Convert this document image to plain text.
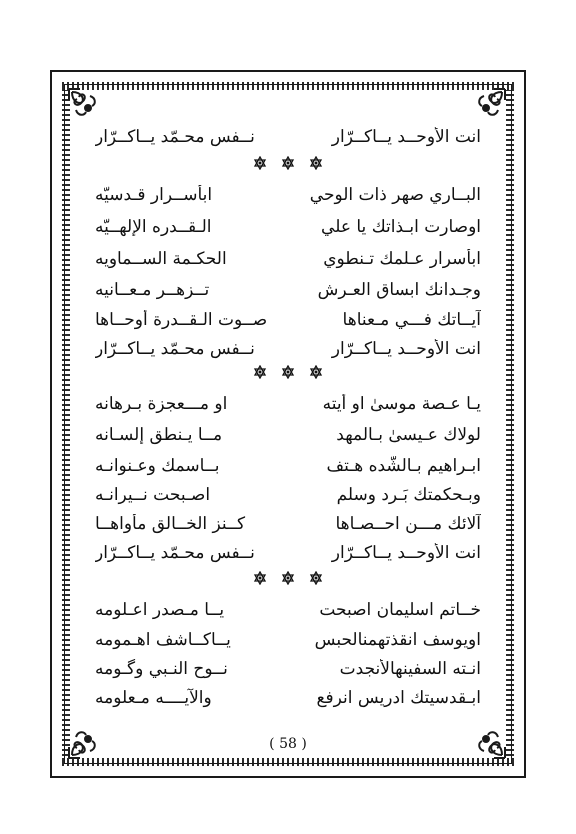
انت الأوحــد يــاكــرّار
نــفس محـمّد يــاكــرّار
البــاري صهر ذات الوحي
ابأســرار قـدسيّه
اوصارت ابـذاتك يا علي
الـقــدره الإلهــيّه
ابأسرار عـلمك تـنطوي
الحكـمة الســماويه
وجـدانك ابساق العـرش
تــزهــر مـعــانيه
آيــاتك فـــي مـعناها
صــوت الـقــدرة أوحــاها
انت الأوحــد يــاكــرّار
نــفس محـمّد يــاكــرّار
يـا عـصة موسىٰ او أيته
او مـــعجزة بـرهانه
لولاك عـيسىٰ بـالمهد
مــا يـنطق إلسـانه
ابـراهيم بـالشّده هـتف
بــاسمك وعـنوانـه
وبـحكمتك بَـرد وسلم
اصـبحت نــيرانـه
آلائك مـــن احــصـاها
كــنز الخــالق مأواهــا
انت الأوحــد يــاكــرّار
نــفس محـمّد يــاكــرّار
خــاتم اسليمان اصبحت
يــا مـصدر اعـلومه
اويوسف انقذتهمنالحبس
يــاكــاشف اهـمومه
انـته السفينهالأنجدت
نــوح النـبي وگـومه
ابـقدسيتك ادريس انرفع
والآيــــه مـعلومه
( 58 )
